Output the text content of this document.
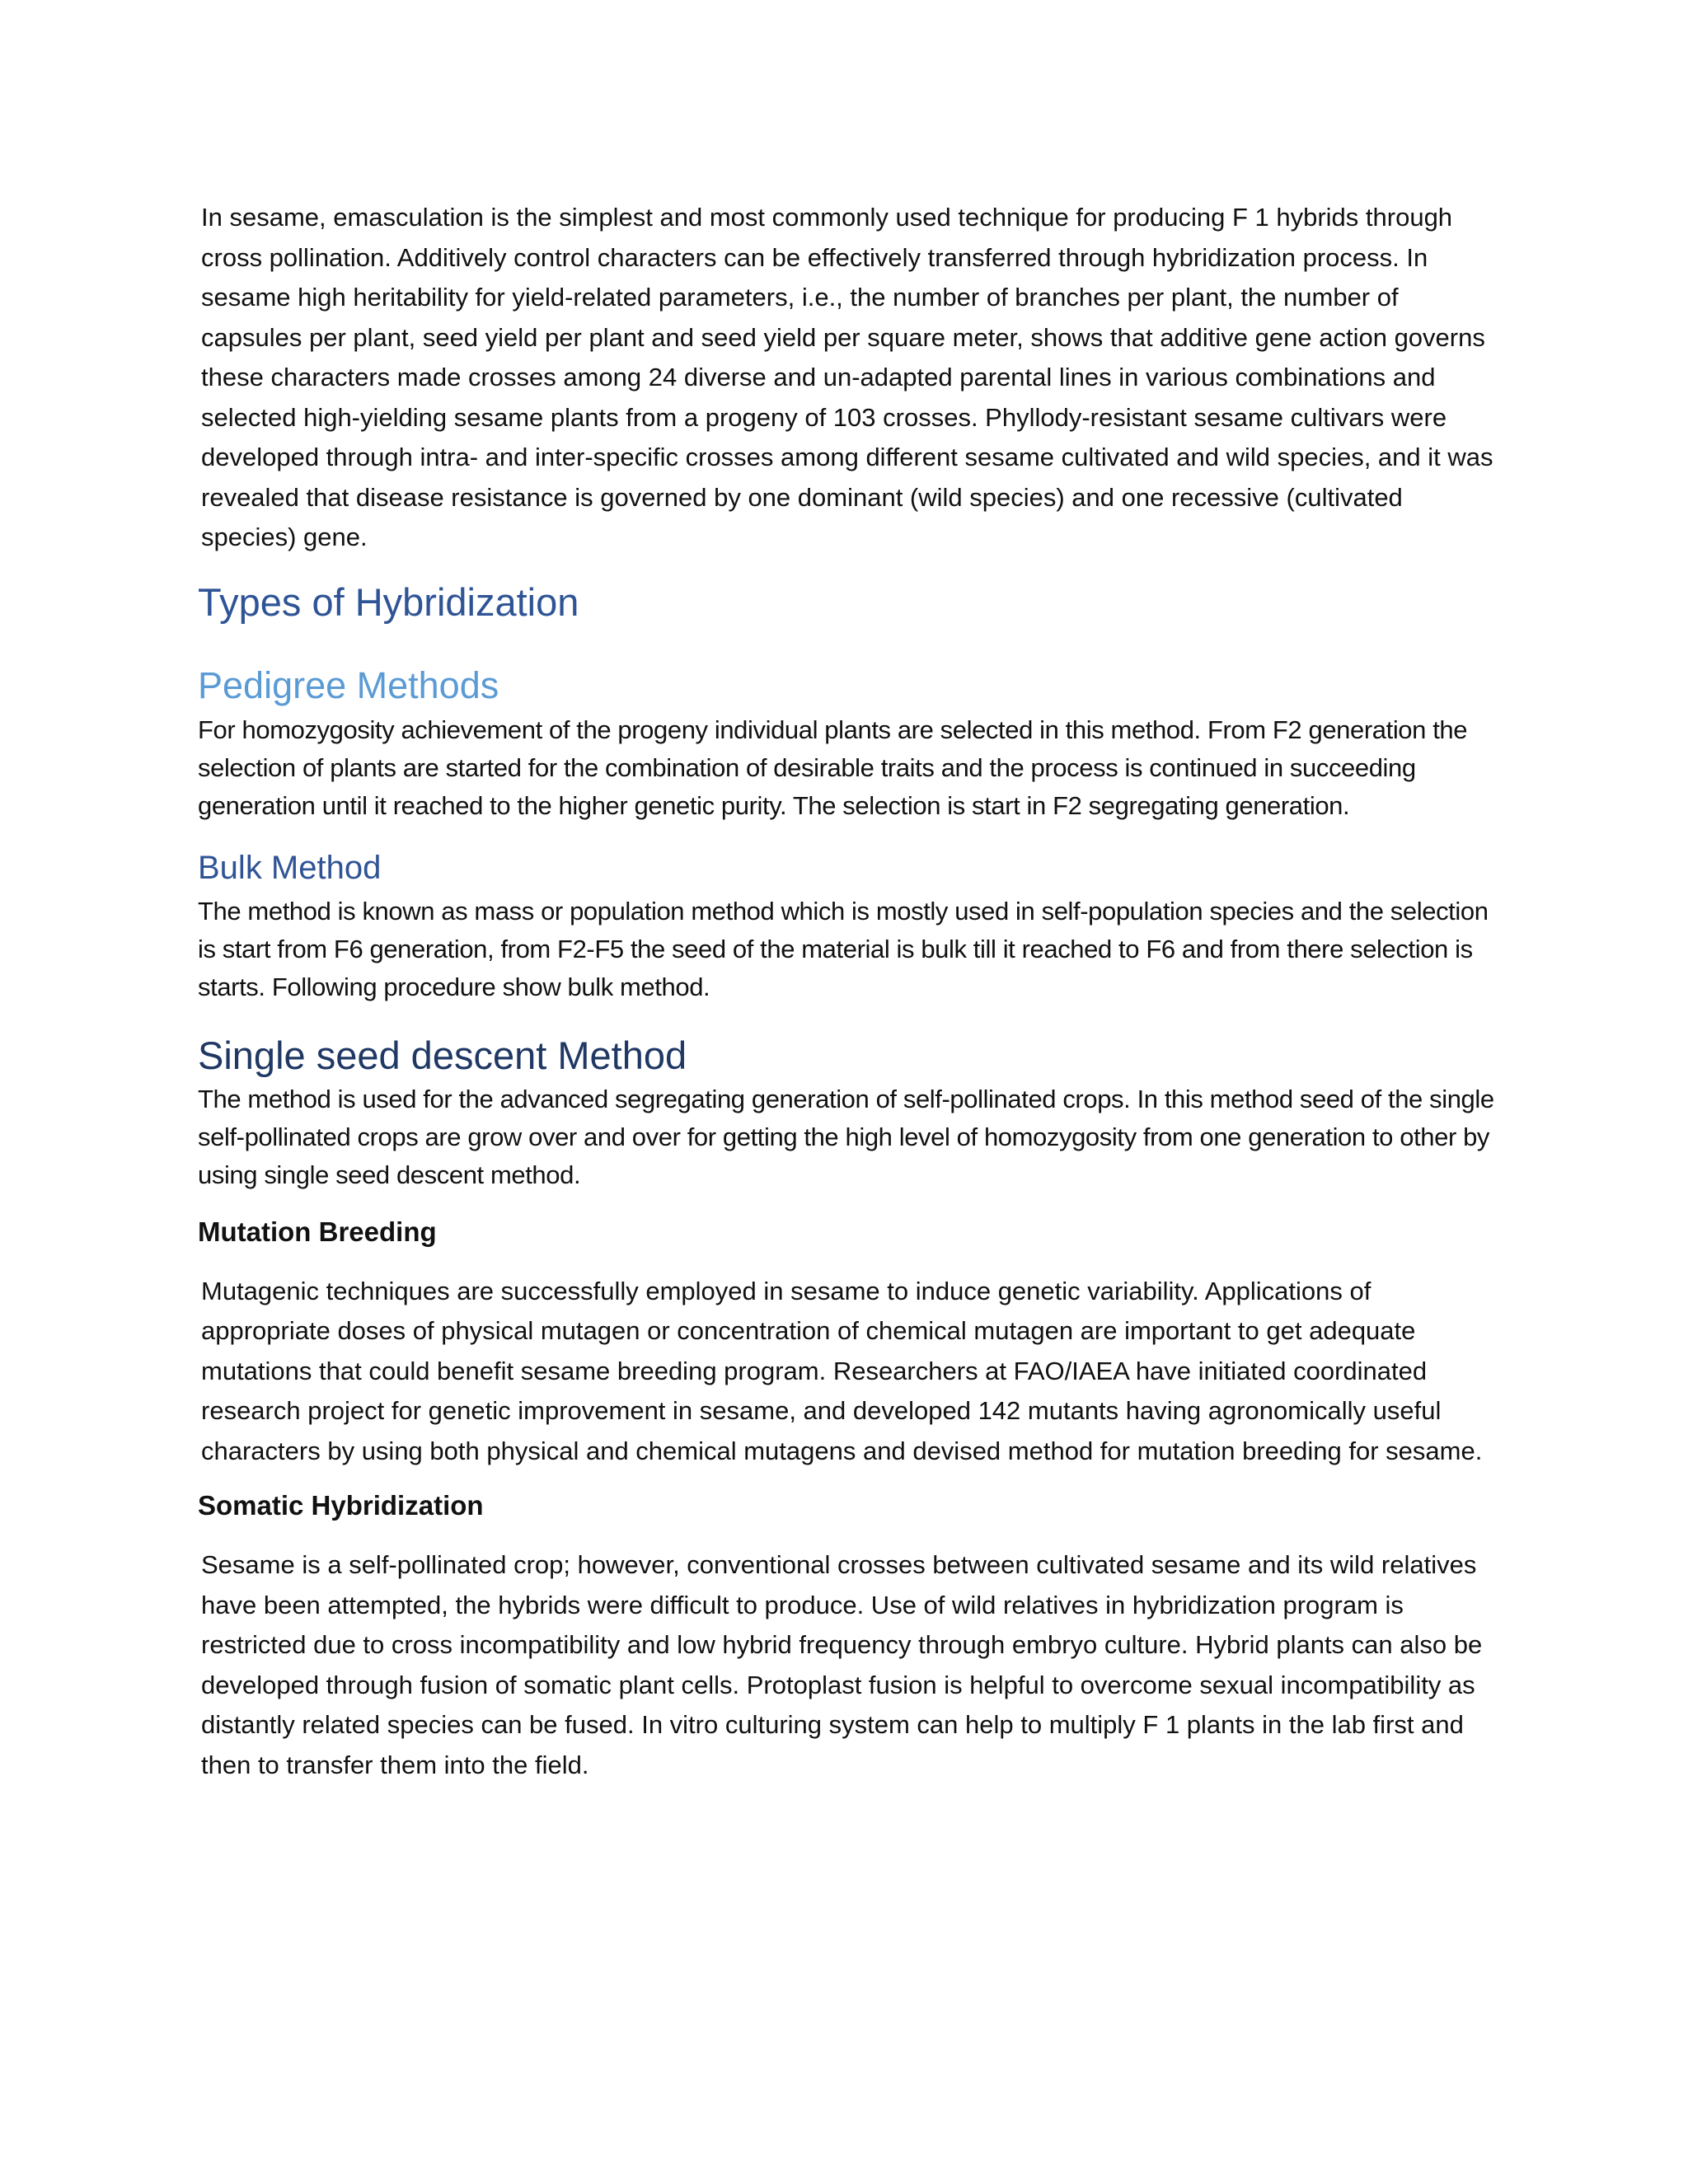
In sesame, emasculation is the simplest and most commonly used technique for producing F 1 hybrids through cross pollination. Additively control characters can be effectively transferred through hybridization process. In sesame high heritability for yield-related parameters, i.e., the number of branches per plant, the number of capsules per plant, seed yield per plant and seed yield per square meter, shows that additive gene action governs these characters made crosses among 24 diverse and un-adapted parental lines in various combinations and selected high-yielding sesame plants from a progeny of 103 crosses. Phyllody-resistant sesame cultivars were developed through intra- and inter-specific crosses among different sesame cultivated and wild species, and it was revealed that disease resistance is governed by one dominant (wild species) and one recessive (cultivated species) gene.

Types of Hybridization
Pedigree Methods

For homozygosity achievement of the progeny individual plants are selected in this method. From F2 generation the selection of plants are started for the combination of desirable traits and the process is continued in succeeding generation until it reached to the higher genetic purity. The selection is start in F2 segregating generation.

Bulk Method

The method is known as mass or population method which is mostly used in self-population species and the selection is start from F6 generation, from F2-F5 the seed of the material is bulk till it reached to F6 and from there selection is starts. Following procedure show bulk method.

Single seed descent Method

The method is used for the advanced segregating generation of self-pollinated crops. In this method seed of the single self-pollinated crops are grow over and over for getting the high level of homozygosity from one generation to other by using single seed descent method.

Mutation Breeding

Mutagenic techniques are successfully employed in sesame to induce genetic variability. Applications of appropriate doses of physical mutagen or concentration of chemical mutagen are important to get adequate mutations that could benefit sesame breeding program. Researchers at FAO/IAEA have initiated coordinated research project for genetic improvement in sesame, and developed 142 mutants having agronomically useful characters by using both physical and chemical mutagens and devised method for mutation breeding for sesame.

Somatic Hybridization

Sesame is a self-pollinated crop; however, conventional crosses between cultivated sesame and its wild relatives have been attempted, the hybrids were difficult to produce. Use of wild relatives in hybridization program is restricted due to cross incompatibility and low hybrid frequency through embryo culture. Hybrid plants can also be developed through fusion of somatic plant cells. Protoplast fusion is helpful to overcome sexual incompatibility as distantly related species can be fused. In vitro culturing system can help to multiply F 1 plants in the lab first and then to transfer them into the field.
